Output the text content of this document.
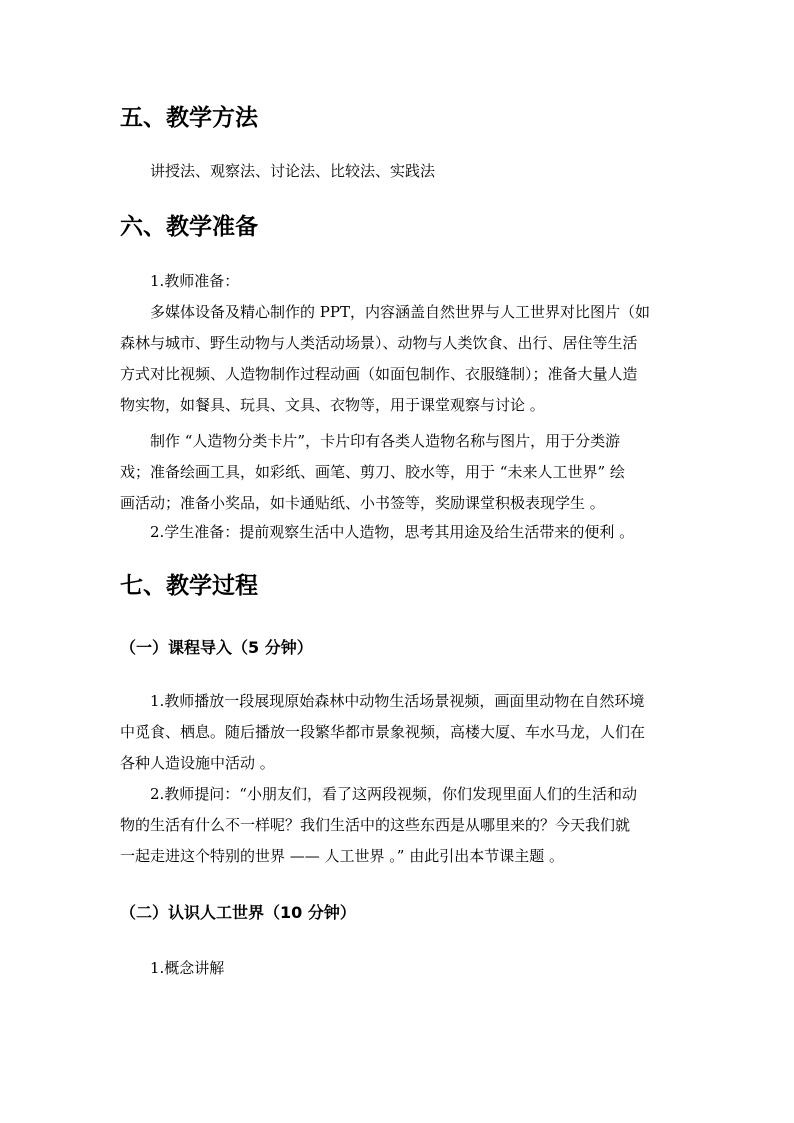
五、教学方法
讲授法、观察法、讨论法、比较法、实践法
六、教学准备
1.教师准备：
多媒体设备及精心制作的 PPT，内容涵盖自然世界与人工世界对比图片（如
森林与城市、野生动物与人类活动场景）、动物与人类饮食、出行、居住等生活
方式对比视频、人造物制作过程动画（如面包制作、衣服缝制）；准备大量人造
物实物，如餐具、玩具、文具、衣物等，用于课堂观察与讨论 。
制作 “人造物分类卡片”，卡片印有各类人造物名称与图片，用于分类游
戏；准备绘画工具，如彩纸、画笔、剪刀、胶水等，用于 “未来人工世界” 绘
画活动；准备小奖品，如卡通贴纸、小书签等，奖励课堂积极表现学生 。
2.学生准备：提前观察生活中人造物，思考其用途及给生活带来的便利 。
七、教学过程
（一）课程导入（5 分钟）
1.教师播放一段展现原始森林中动物生活场景视频，画面里动物在自然环境
中觅食、栖息。随后播放一段繁华都市景象视频，高楼大厦、车水马龙，人们在
各种人造设施中活动 。
2.教师提问：“小朋友们，看了这两段视频，你们发现里面人们的生活和动
物的生活有什么不一样呢？我们生活中的这些东西是从哪里来的？今天我们就
一起走进这个特别的世界 —— 人工世界 。” 由此引出本节课主题 。
（二）认识人工世界（10 分钟）
1.概念讲解
